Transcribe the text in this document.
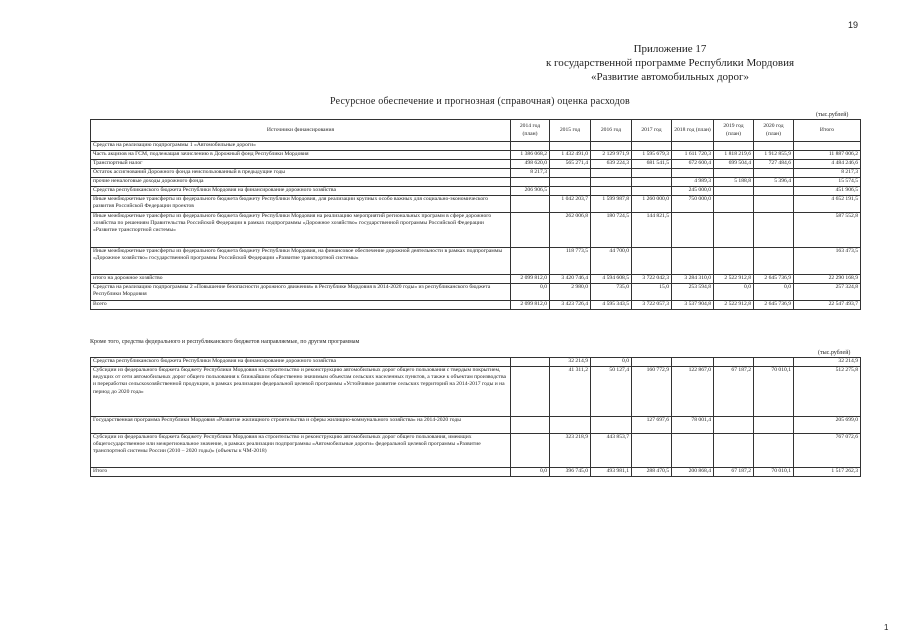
19
Приложение 17
к государственной программе Республики Мордовия
«Развитие автомобильных дорог»
Ресурсное обеспечение и прогнозная (справочная) оценка расходов
(тыс.рублей)
Источники финансирования	2014 год (план)	2015 год	2016 год	2017 год	2018 год (план)	2019 год (план)	2020 год (план)	Итого
Средства на реализацию подпрограммы 1 «Автомобильные дороги»								
Часть акцизов на ГСМ, подлежащая зачислению в Дорожный фонд Республики Мордовия	1 386 068,2	1 432 491,0	2 129 971,9	1 595 679,3	1 611 720,3	1 818 219,6	1 912 855,9	11 887 006,2
Транспортный налог	498 620,0	565 271,4	639 224,3	681 541,5	672 600,4	699 504,4	727 484,6	4 484 246,6
Остаток ассигнований Дорожного фонда неиспользованный в предыдущие годы	8 217,3							8 217,3
прочие неналоговые доходы дорожного фонда					4 989,3	5 188,8	5 396,4	15 574,5
Средства республиканского бюджета Республики Мордовия на финансирование дорожного хозяйства	206 906,5				245 000,0			451 906,5
Иные межбюджетные трансферты из федерального бюджета бюджету Республики Мордовия, для реализации крупных особо важных для социально-экономического развития Российской Федерации проектов		1 042 203,7	1 599 987,8	1 260 000,0	750 000,0			4 652 191,5
Иные межбюджетные трансферты из федерального бюджета бюджету Республики Мордовия на реализацию мероприятий региональных программ в сфере дорожного хозяйства по решениям Правительства Российской Федерации в рамках подпрограммы «Дорожное хозяйство» государственной программы Российской Федерации «Развитие транспортной системы»		262 006,8	180 724,5	144 821,5				587 552,8
Иные межбюджетные трансферты из федерального бюджета бюджету Республики Мордовия, на финансовое обеспечение дорожной деятельности в рамках подпрограммы «Дорожное хозяйство» государственной программы Российской Федерации «Развитие транспортной системы»		118 773,5	44 700,0					163 473,5
итого на дорожное хозяйство	2 099 812,0	3 420 746,4	4 594 608,5	3 722 042,3	3 284 310,0	2 522 912,8	2 645 736,9	22 290 168,9
Средства на реализацию подпрограммы 2 «Повышение безопасности дорожного движения» в Республике Мордовия в 2014-2020 годы» из республиканского бюджета Республики Мордовия	0,0	2 980,0	735,0	15,0	253 594,8	0,0	0,0	257 324,8
Всего	2 099 812,0	3 423 726,4	4 595 343,5	3 722 057,3	3 537 904,8	2 522 912,8	2 645 736,9	22 547 493,7
Кроме того, средства федерального и республиканского бюджетов направляемые, по другим программам
(тыс.рублей)
Средства республиканского бюджета Республики Мордовия на финансирование дорожного хозяйства		32 214,9	0,0					32 214,9
Субсидии из федерального бюджета бюджету Республики Мордовия на строительство и реконструкцию автомобильных дорог общего пользования с твердым покрытием, ведущих от сети автомобильных дорог общего пользования к ближайшим общественно значимым объектам сельских населенных пунктов, а также к объектам производства и переработки сельскохозяйственной продукции, в рамках реализации федеральной целевой программы «Устойчивое развитие сельских территорий на 2014-2017 годы и на период до 2020 года»		41 311,2	50 127,4	160 772,9	122 867,0	67 187,2	70 010,1	512 275,8
Государственная программа Республики Мордовия «Развитие жилищного строительства и сферы жилищно-коммунального хозяйства» на 2014-2020 годы				127 697,6	78 001,4			205 699,0
Субсидии из федерального бюджета бюджету Республики Мордовия на строительство и реконструкцию автомобильных дорог общего пользования, имеющих общегосударственное или межрегиональное значение, в рамках реализации подпрограммы «Автомобильные дороги» федеральной целевой программы «Развитие транспортной системы России (2010 – 2020 годы)» (объекты к ЧМ-2018)		323 218,9	443 853,7					767 072,6
Итого	0,0	396 745,0	493 981,1	288 470,5	200 868,4	67 187,2	70 010,1	1 517 262,3
1
